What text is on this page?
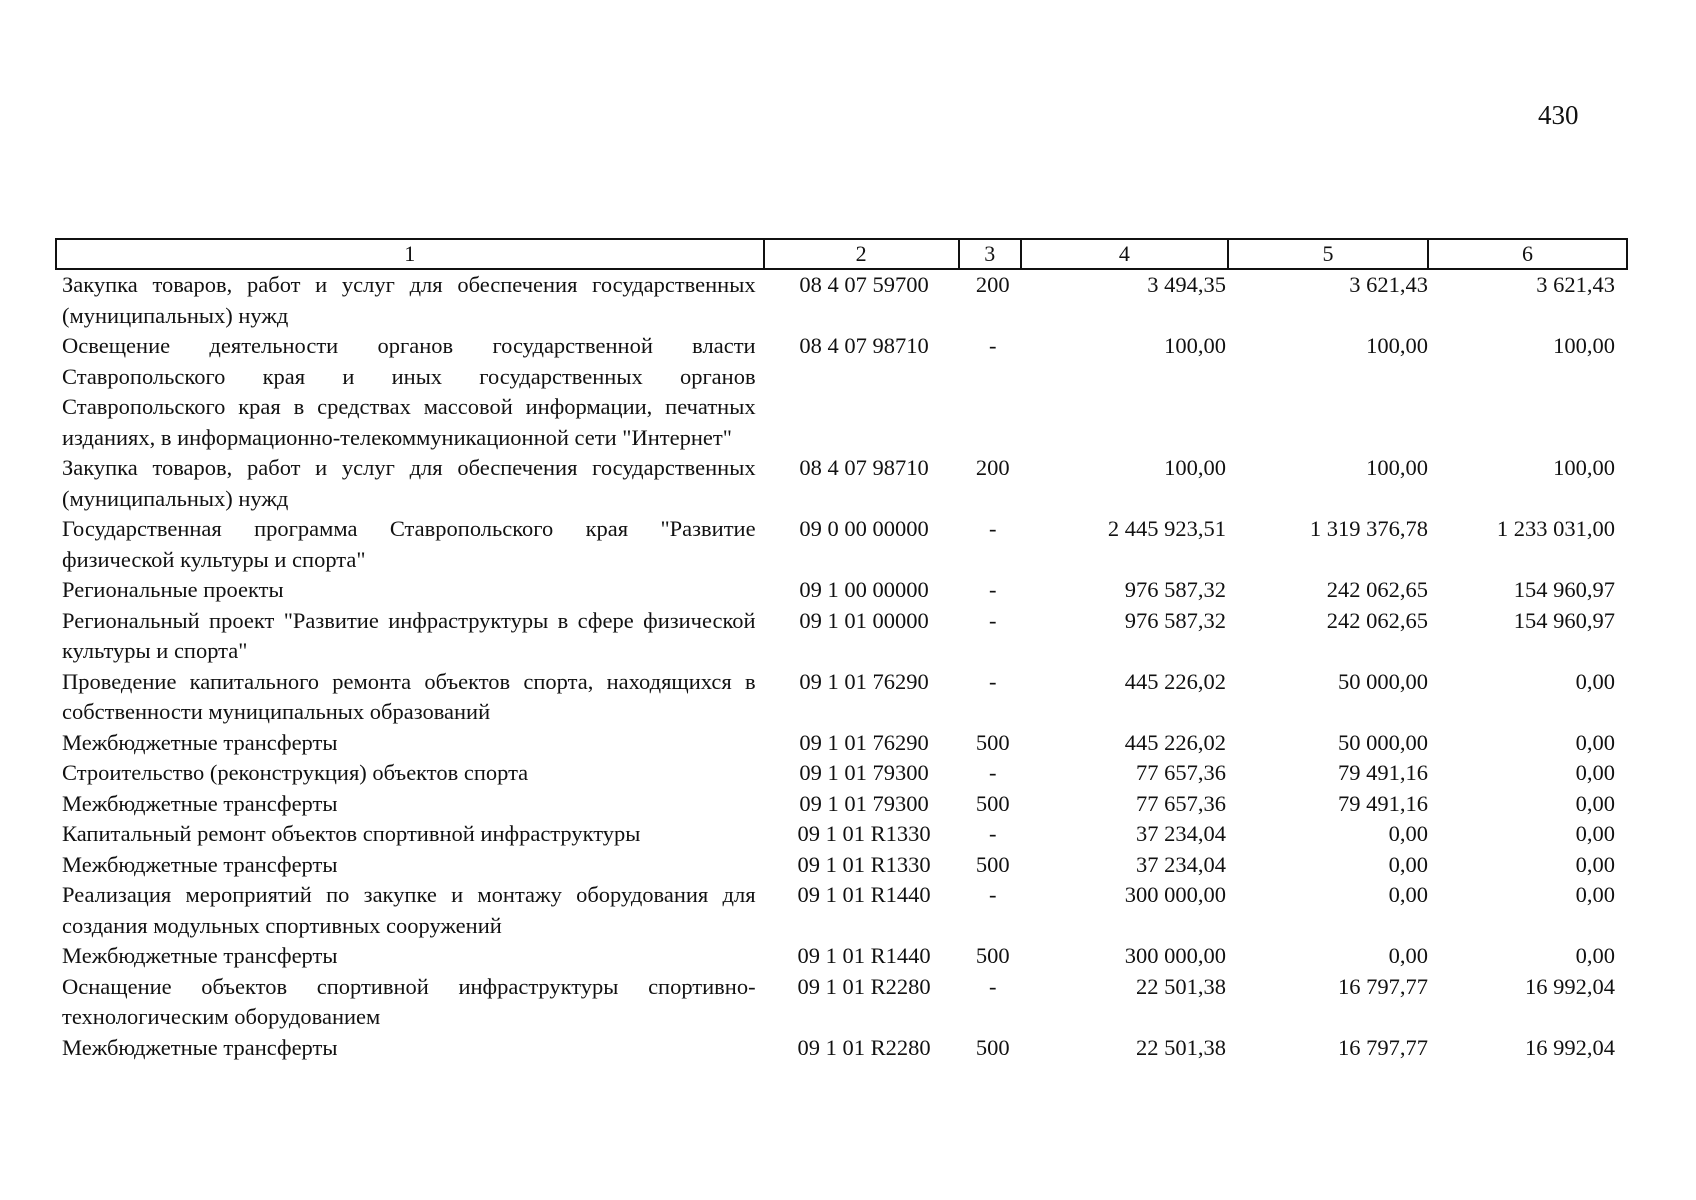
430
1	2	3	4	5	6
Закупка товаров, работ и услуг для обеспечения государственных (муниципальных) нужд	08 4 07 59700	200	3 494,35	3 621,43	3 621,43
Освещение деятельности органов государственной власти Ставропольского края и иных государственных органов Ставропольского края в средствах массовой информации, печатных изданиях, в информационно-телекоммуникационной сети "Интернет"	08 4 07 98710	-	100,00	100,00	100,00
Закупка товаров, работ и услуг для обеспечения государственных (муниципальных) нужд	08 4 07 98710	200	100,00	100,00	100,00
Государственная программа Ставропольского края "Развитие физической культуры и спорта"	09 0 00 00000	-	2 445 923,51	1 319 376,78	1 233 031,00
Региональные проекты	09 1 00 00000	-	976 587,32	242 062,65	154 960,97
Региональный проект "Развитие инфраструктуры в сфере физической культуры и спорта"	09 1 01 00000	-	976 587,32	242 062,65	154 960,97
Проведение капитального ремонта объектов спорта, находящихся в собственности муниципальных образований	09 1 01 76290	-	445 226,02	50 000,00	0,00
Межбюджетные трансферты	09 1 01 76290	500	445 226,02	50 000,00	0,00
Строительство (реконструкция) объектов спорта	09 1 01 79300	-	77 657,36	79 491,16	0,00
Межбюджетные трансферты	09 1 01 79300	500	77 657,36	79 491,16	0,00
Капитальный ремонт объектов спортивной инфраструктуры	09 1 01 R1330	-	37 234,04	0,00	0,00
Межбюджетные трансферты	09 1 01 R1330	500	37 234,04	0,00	0,00
Реализация мероприятий по закупке и монтажу оборудования для создания модульных спортивных сооружений	09 1 01 R1440	-	300 000,00	0,00	0,00
Межбюджетные трансферты	09 1 01 R1440	500	300 000,00	0,00	0,00
Оснащение объектов спортивной инфраструктуры спортивно-технологическим оборудованием	09 1 01 R2280	-	22 501,38	16 797,77	16 992,04
Межбюджетные трансферты	09 1 01 R2280	500	22 501,38	16 797,77	16 992,04
